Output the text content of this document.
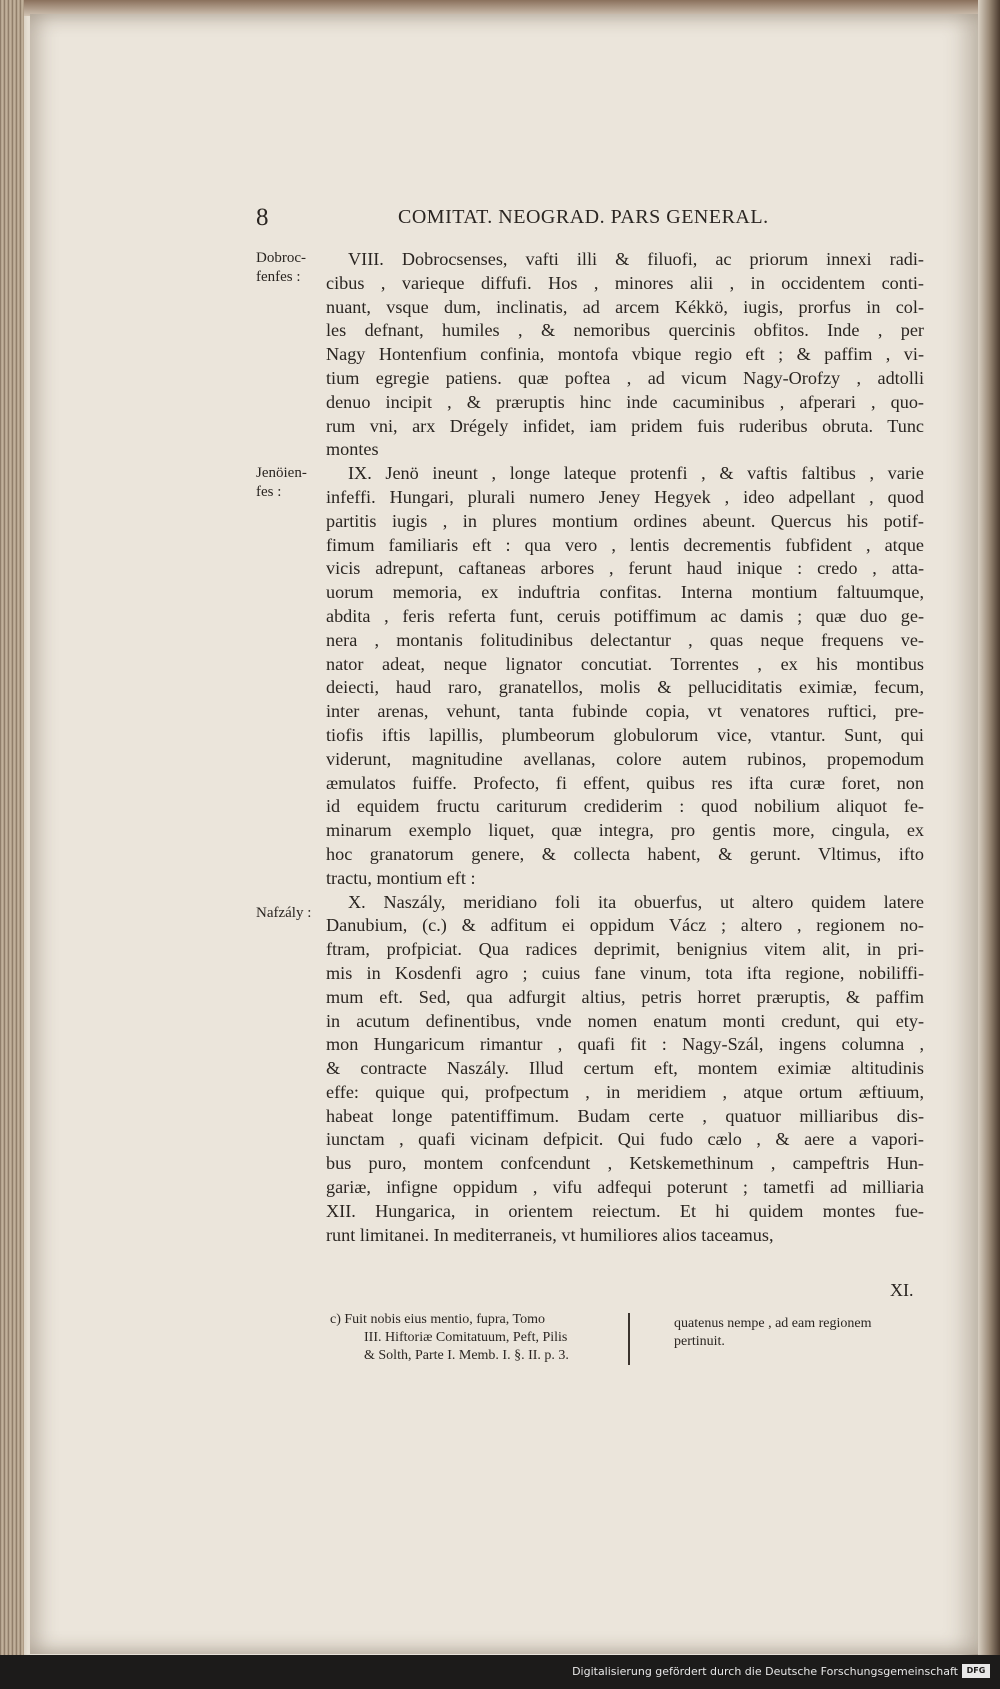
8	COMITAT. NEOGRAD. PARS GENERAL.
Dobroc-
fenfes :
Jenöien-
fes :
Nafzály :
VIII. Dobrocsenses, vafti illi & filuofi, ac priorum innexi radi-
cibus , varieque diffufi. Hos , minores alii , in occidentem conti-
nuant, vsque dum, inclinatis, ad arcem Kékkö, iugis, prorfus in col-
les defnant, humiles , & nemoribus quercinis obfitos. Inde , per
Nagy Hontenfium confinia, montofa vbique regio eft ; & paffim , vi-
tium egregie patiens. quæ poftea , ad vicum Nagy-Orofzy , adtolli
denuo incipit , & præruptis hinc inde cacuminibus , afperari , quo-
rum vni, arx Drégely infidet, iam pridem fuis ruderibus obruta. Tunc
montes
IX. Jenö ineunt , longe lateque protenfi , & vaftis faltibus , varie
infeffi. Hungari, plurali numero Jeney Hegyek , ideo adpellant , quod
partitis iugis , in plures montium ordines abeunt. Quercus his potif-
fimum familiaris eft : qua vero , lentis decrementis fubfident , atque
vicis adrepunt, caftaneas arbores , ferunt haud inique : credo , atta-
uorum memoria, ex induftria confitas. Interna montium faltuumque,
abdita , feris referta funt, ceruis potiffimum ac damis ; quæ duo ge-
nera , montanis folitudinibus delectantur , quas neque frequens ve-
nator adeat, neque lignator concutiat. Torrentes , ex his montibus
deiecti, haud raro, granatellos, molis & pelluciditatis eximiæ, fecum,
inter arenas, vehunt, tanta fubinde copia, vt venatores ruftici, pre-
tiofis iftis lapillis, plumbeorum globulorum vice, vtantur. Sunt, qui
viderunt, magnitudine avellanas, colore autem rubinos, propemodum
æmulatos fuiffe. Profecto, fi effent, quibus res ifta curæ foret, non
id equidem fructu cariturum crediderim : quod nobilium aliquot fe-
minarum exemplo liquet, quæ integra, pro gentis more, cingula, ex
hoc granatorum genere, & collecta habent, & gerunt. Vltimus, ifto
tractu, montium eft :
X. Naszály, meridiano foli ita obuerfus, ut altero quidem latere
Danubium, (c.) & adfitum ei oppidum Vácz ; altero , regionem no-
ftram, profpiciat. Qua radices deprimit, benignius vitem alit, in pri-
mis in Kosdenfi agro ; cuius fane vinum, tota ifta regione, nobiliffi-
mum eft. Sed, qua adfurgit altius, petris horret præruptis, & paffim
in acutum definentibus, vnde nomen enatum monti credunt, qui ety-
mon Hungaricum rimantur , quafi fit : Nagy-Szál, ingens columna ,
& contracte Naszály. Illud certum eft, montem eximiæ altitudinis
effe: quique qui, profpectum , in meridiem , atque ortum æftiuum,
habeat longe patentiffimum. Budam certe , quatuor milliaribus dis-
iunctam , quafi vicinam defpicit. Qui fudo cælo , & aere a vapori-
bus puro, montem confcendunt , Ketskemethinum , campeftris Hun-
gariæ, infigne oppidum , vifu adfequi poterunt ; tametfi ad milliaria
XII. Hungarica, in orientem reiectum. Et hi quidem montes fue-
runt limitanei. In mediterraneis, vt humiliores alios taceamus,
XI.
c) Fuit nobis eius mentio, fupra, Tomo
III. Hiftoriæ Comitatuum, Peft, Pilis
& Solth, Parte I. Memb. I. §. II. p. 3.
quatenus nempe , ad eam regionem
pertinuit.
Digitalisierung gefördert durch die Deutsche Forschungsgemeinschaft	DFG
